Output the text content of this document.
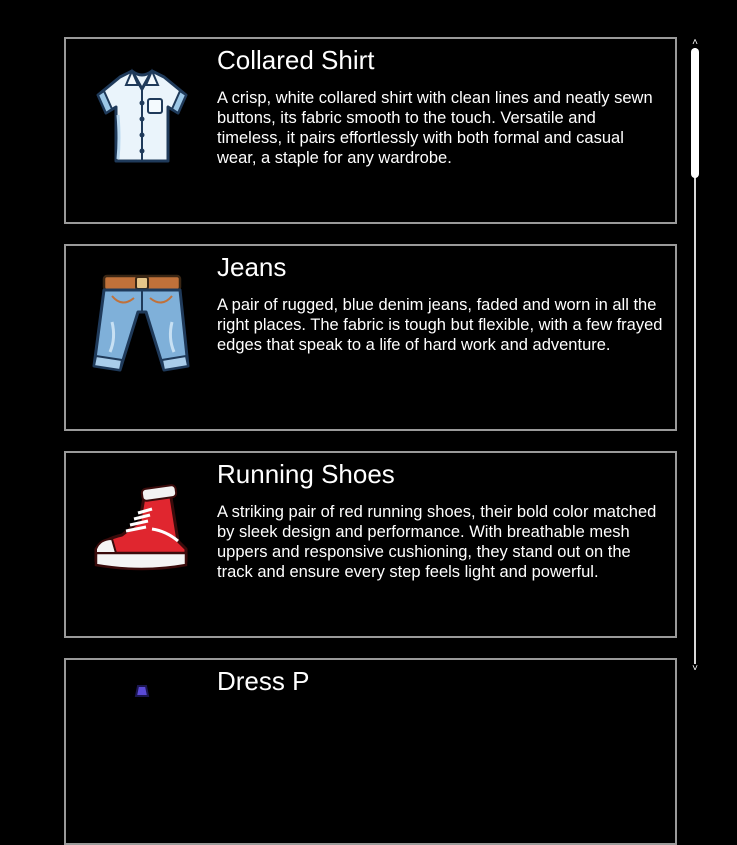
Collared Shirt
A crisp, white collared shirt with clean lines and neatly sewn buttons, its fabric smooth to the touch. Versatile and timeless, it pairs effortlessly with both formal and casual wear, a staple for any wardrobe.
Jeans
A pair of rugged, blue denim jeans, faded and worn in all the right places. The fabric is tough but flexible, with a few frayed edges that speak to a life of hard work and adventure.
Running Shoes
A striking pair of red running shoes, their bold color matched by sleek design and performance. With breathable mesh uppers and responsive cushioning, they stand out on the track and ensure every step feels light and powerful.
Dress P
˄
˅
